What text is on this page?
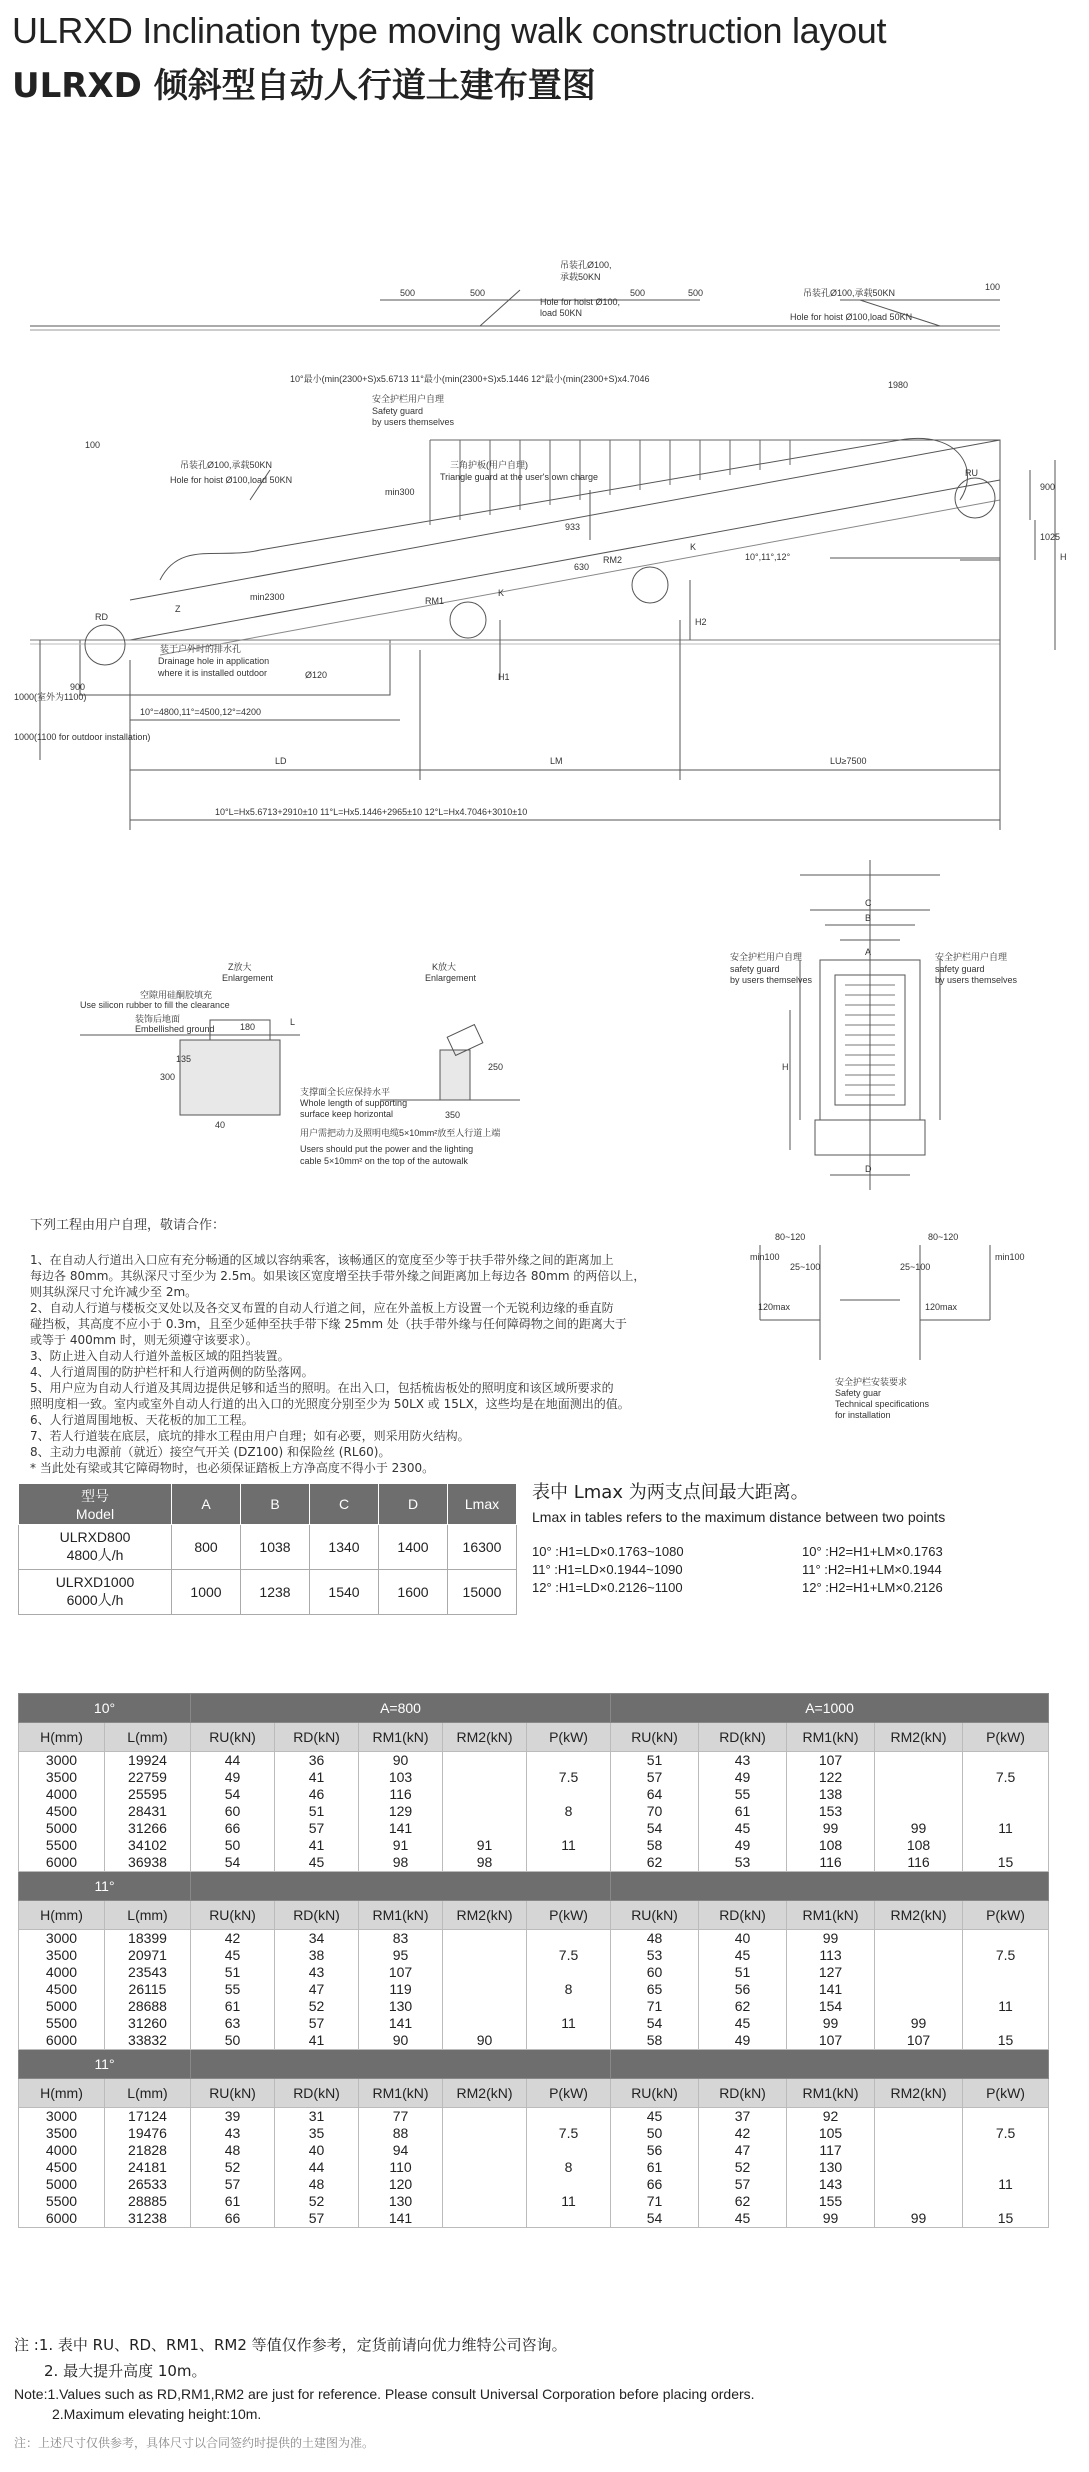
ULRXD Inclination type moving walk construction layout
ULRXD 倾斜型自动人行道土建布置图
吊装孔Ø100,
承载50KN
Hole for hoist Ø100,
load 50KN
吊装孔Ø100,承载50KN
Hole for hoist Ø100,load 50KN
吊装孔Ø100,承载50KN
Hole for hoist Ø100,load 50KN
500	500	500	500
100
100
1980
900
900
1025
H
H1
H2
10°最小(min(2300+S)x5.6713 11°最小(min(2300+S)x5.1446 12°最小(min(2300+S)x4.7046
安全护栏用户自理
Safety guard
by users themselves
三角护板(用户自理)
Triangle guard at the user's own charge
min300
min2300
RU
RD
RM1
RM2
K
K
Z
630
933
10°,11°,12°
装于户外时的排水孔
Drainage hole in application
where it is installed outdoor	Ø120
1000(室外为1100)
1000(1100 for outdoor installation)
10°=4800,11°=4500,12°=4200
LD	LM	LU≥7500
10°L=Hx5.6713+2910±10 11°L=Hx5.1446+2965±10 12°L=Hx4.7046+3010±10
Z放大
Enlargement
K放大
Enlargement
空隙用硅酮胶填充
Use silicon rubber to fill the clearance
装饰后地面
Embellished ground	180	L
300
135
40
250
350
支撑面全长应保持水平
Whole length of supporting
surface keep horizontal
用户需把动力及照明电缆5×10mm²放至人行道上端
Users should put the power and the lighting
cable 5×10mm² on the top of the autowalk
C
B
A
D
H
安全护栏用户自理
safety guard
by users themselves
安全护栏用户自理
safety guard
by users themselves
80~120	80~120
25~100	25~100
min100	min100
120max	120max
安全护栏安装要求
Safety guar
Technical specifications
for installation

下列工程由用户自理，敬请合作：

1、在自动人行道出入口应有充分畅通的区域以容纳乘客，该畅通区的宽度至少等于扶手带外缘之间的距离加上

每边各 80mm。其纵深尺寸至少为 2.5m。如果该区宽度增至扶手带外缘之间距离加上每边各 80mm 的两倍以上，

则其纵深尺寸允许减少至 2m。

2、自动人行道与楼板交叉处以及各交叉布置的自动人行道之间，应在外盖板上方设置一个无锐利边缘的垂直防

碰挡板，其高度不应小于 0.3m，且至少延伸至扶手带下缘 25mm 处（扶手带外缘与任何障碍物之间的距离大于

或等于 400mm 时，则无须遵守该要求）。

3、防止进入自动人行道外盖板区域的阻挡装置。

4、人行道周围的防护栏杆和人行道两侧的防坠落网。

5、用户应为自动人行道及其周边提供足够和适当的照明。在出入口，包括梳齿板处的照明度和该区域所要求的

照明度相一致。室内或室外自动人行道的出入口的光照度分别至少为 50LX 或 15LX，这些均是在地面测出的值。

6、人行道周围地板、天花板的加工工程。

7、若人行道装在底层，底坑的排水工程由用户自理；如有必要，则采用防火结构。

8、主动力电源前（就近）接空气开关 (DZ100) 和保险丝 (RL60)。

* 当此处有梁或其它障碍物时，也必须保证踏板上方净高度不得小于 2300。

型号
Model	A	B	C	D	Lmax

ULRXD800
4800人/h	800	1038	1340	1400	16300

ULRXD1000
6000人/h	1000	1238	1540	1600	15000
表中 Lmax 为两支点间最大距离。
Lmax in tables refers to the maximum distance between two points
10° :H1=LD×0.1763~1080	10° :H2=H1+LM×0.1763
11° :H1=LD×0.1944~1090	11° :H2=H1+LM×0.1944
12° :H1=LD×0.2126~1100	12° :H2=H1+LM×0.2126
10°		A=800					A=1000				
H(mm)	L(mm)	RU(kN)	RD(kN)	RM1(kN)	RM2(kN)	P(kW)	RU(kN)	RD(kN)	RM1(kN)	RM2(kN)	P(kW)
3000	19924	44	36	90			51	43	107		
3500	22759	49	41	103		7.5	57	49	122		7.5
4000	25595	54	46	116			64	55	138		
4500	28431	60	51	129		8	70	61	153		
5000	31266	66	57	141			54	45	99	99	11
5500	34102	50	41	91	91	11	58	49	108	108	
6000	36938	54	45	98	98		62	53	116	116	15
11°											
H(mm)	L(mm)	RU(kN)	RD(kN)	RM1(kN)	RM2(kN)	P(kW)	RU(kN)	RD(kN)	RM1(kN)	RM2(kN)	P(kW)
3000	18399	42	34	83			48	40	99		
3500	20971	45	38	95		7.5	53	45	113		7.5
4000	23543	51	43	107			60	51	127		
4500	26115	55	47	119		8	65	56	141		
5000	28688	61	52	130			71	62	154		11
5500	31260	63	57	141		11	54	45	99	99	
6000	33832	50	41	90	90		58	49	107	107	15
11°											
H(mm)	L(mm)	RU(kN)	RD(kN)	RM1(kN)	RM2(kN)	P(kW)	RU(kN)	RD(kN)	RM1(kN)	RM2(kN)	P(kW)
3000	17124	39	31	77			45	37	92		
3500	19476	43	35	88		7.5	50	42	105		7.5
4000	21828	48	40	94			56	47	117		
4500	24181	52	44	110		8	61	52	130		
5000	26533	57	48	120			66	57	143		11
5500	28885	61	52	130		11	71	62	155		
6000	31238	66	57	141			54	45	99	99	15
注 :1. 表中 RU、RD、RM1、RM2 等值仅作参考，定货前请向优力维特公司咨询。
2. 最大提升高度 10m。
Note:1.Values such as RD,RM1,RM2 are just for reference. Please consult Universal Corporation before placing orders.
2.Maximum elevating height:10m.
注：上述尺寸仅供参考，具体尺寸以合同签约时提供的土建图为准。
